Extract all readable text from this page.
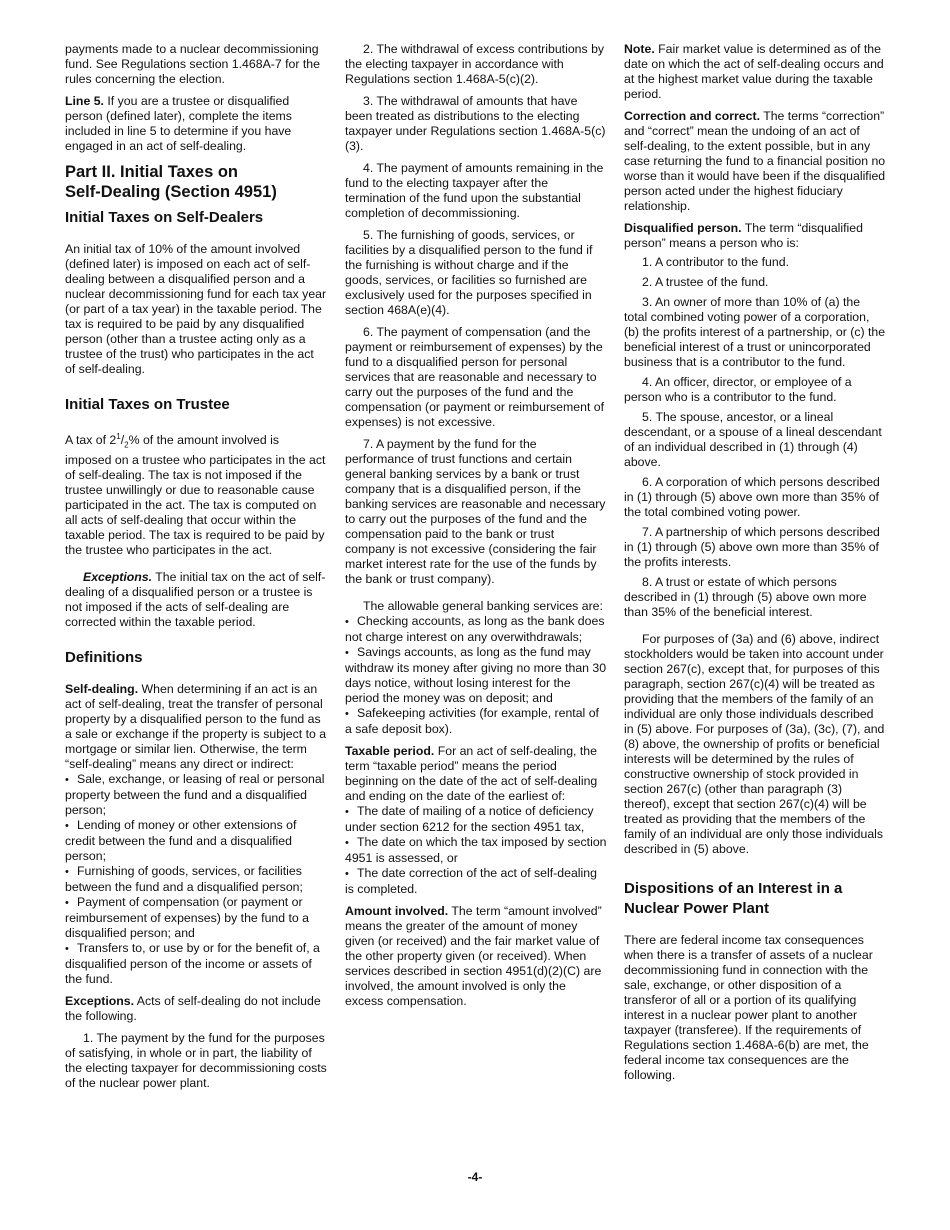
payments made to a nuclear decommissioning fund. See Regulations section 1.468A-7 for the rules concerning the election.

Line 5. If you are a trustee or disqualified person (defined later), complete the items included in line 5 to determine if you have engaged in an act of self-dealing.

Part II. Initial Taxes on
Self-Dealing (Section 4951)
Initial Taxes on Self-Dealers

An initial tax of 10% of the amount involved (defined later) is imposed on each act of self-dealing between a disqualified person and a nuclear decommissioning fund for each tax year (or part of a tax year) in the taxable period. The tax is required to be paid by any disqualified person (other than a trustee acting only as a trustee of the trust) who participates in the act of self-dealing.

Initial Taxes on Trustee

A tax of $2^1/_2\%$ of the amount involved is imposed on a trustee who participates in the act of self-dealing. The tax is not imposed if the trustee unwillingly or due to reasonable cause participated in the act. The tax is computed on all acts of self-dealing that occur within the taxable period. The tax is required to be paid by the trustee who participates in the act.

Exceptions. The initial tax on the act of self-dealing of a disqualified person or a trustee is not imposed if the acts of self-dealing are corrected within the taxable period.

Definitions

Self-dealing. When determining if an act is an act of self-dealing, treat the transfer of personal property by a disqualified person to the fund as a sale or exchange if the property is subject to a mortgage or similar lien. Otherwise, the term “self-dealing” means any direct or indirect:

• Sale, exchange, or leasing of real or personal property between the fund and a disqualified person;
• Lending of money or other extensions of credit between the fund and a disqualified person;
• Furnishing of goods, services, or facilities between the fund and a disqualified person;
• Payment of compensation (or payment or reimbursement of expenses) by the fund to a disqualified person; and
• Transfers to, or use by or for the benefit of, a disqualified person of the income or assets of the fund.

Exceptions. Acts of self-dealing do not include the following.

1. The payment by the fund for the purposes of satisfying, in whole or in part, the liability of the electing taxpayer for decommissioning costs of the nuclear power plant.

2. The withdrawal of excess contributions by the electing taxpayer in accordance with Regulations section 1.468A-5(c)(2).

3. The withdrawal of amounts that have been treated as distributions to the electing taxpayer under Regulations section 1.468A-5(c)(3).

4. The payment of amounts remaining in the fund to the electing taxpayer after the termination of the fund upon the substantial completion of decommissioning.

5. The furnishing of goods, services, or facilities by a disqualified person to the fund if the furnishing is without charge and if the goods, services, or facilities so furnished are exclusively used for the purposes specified in section 468A(e)(4).

6. The payment of compensation (and the payment or reimbursement of expenses) by the fund to a disqualified person for personal services that are reasonable and necessary to carry out the purposes of the fund and the compensation (or payment or reimbursement of expenses) is not excessive.

7. A payment by the fund for the performance of trust functions and certain general banking services by a bank or trust company that is a disqualified person, if the banking services are reasonable and necessary to carry out the purposes of the fund and the compensation paid to the bank or trust company is not excessive (considering the fair market interest rate for the use of the funds by the bank or trust company).

The allowable general banking services are:

• Checking accounts, as long as the bank does not charge interest on any overwithdrawals;
• Savings accounts, as long as the fund may withdraw its money after giving no more than 30 days notice, without losing interest for the period the money was on deposit; and
• Safekeeping activities (for example, rental of a safe deposit box).

Taxable period. For an act of self-dealing, the term “taxable period” means the period beginning on the date of the act of self-dealing and ending on the date of the earliest of:

• The date of mailing of a notice of deficiency under section 6212 for the section 4951 tax,
• The date on which the tax imposed by section 4951 is assessed, or
• The date correction of the act of self-dealing is completed.

Amount involved. The term “amount involved” means the greater of the amount of money given (or received) and the fair market value of the other property given (or received). When services described in section 4951(d)(2)(C) are involved, the amount involved is only the excess compensation.

Note. Fair market value is determined as of the date on which the act of self-dealing occurs and at the highest market value during the taxable period.

Correction and correct. The terms “correction” and “correct” mean the undoing of an act of self-dealing, to the extent possible, but in any case returning the fund to a financial position no worse than it would have been if the disqualified person acted under the highest fiduciary relationship.

Disqualified person. The term “disqualified person” means a person who is:

1. A contributor to the fund.

2. A trustee of the fund.

3. An owner of more than 10% of (a) the total combined voting power of a corporation, (b) the profits interest of a partnership, or (c) the beneficial interest of a trust or unincorporated business that is a contributor to the fund.

4. An officer, director, or employee of a person who is a contributor to the fund.

5. The spouse, ancestor, or a lineal descendant, or a spouse of a lineal descendant of an individual described in (1) through (4) above.

6. A corporation of which persons described in (1) through (5) above own more than 35% of the total combined voting power.

7. A partnership of which persons described in (1) through (5) above own more than 35% of the profits interests.

8. A trust or estate of which persons described in (1) through (5) above own more than 35% of the beneficial interest.

For purposes of (3a) and (6) above, indirect stockholders would be taken into account under section 267(c), except that, for purposes of this paragraph, section 267(c)(4) will be treated as providing that the members of the family of an individual are only those individuals described in (5) above. For purposes of (3a), (3c), (7), and (8) above, the ownership of profits or beneficial interests will be determined by the rules of constructive ownership of stock provided in section 267(c) (other than paragraph (3) thereof), except that section 267(c)(4) will be treated as providing that the members of the family of an individual are only those individuals described in (5) above.

Dispositions of an Interest in a
Nuclear Power Plant

There are federal income tax consequences when there is a transfer of assets of a nuclear decommissioning fund in connection with the sale, exchange, or other disposition of a transferor of all or a portion of its qualifying interest in a nuclear power plant to another taxpayer (transferee). If the requirements of Regulations section 1.468A-6(b) are met, the federal income tax consequences are the following.

-4-
